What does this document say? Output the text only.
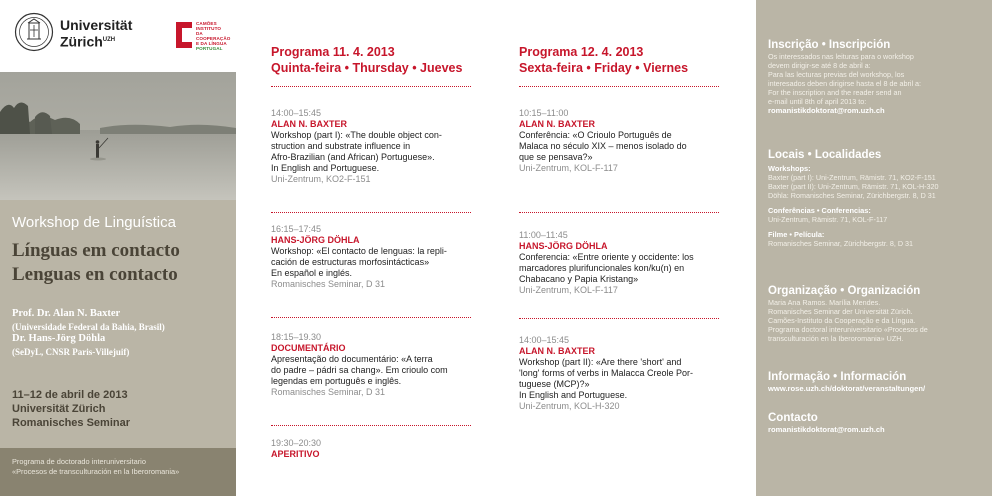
Universität
Zürich$^{UZH}$
CAMÕES
INSTITUTO
DA COOPERAÇÃO
E DA LÍNGUA
PORTUGAL
Workshop de Linguística
Línguas em contacto
Lenguas en contacto
Prof. Dr. Alan N. Baxter
(Universidade Federal da Bahia, Brasil)
Dr. Hans-Jörg Döhla
(SeDyL, CNSR Paris-Villejuif)
11–12 de abril de 2013
Universität Zürich
Romanisches Seminar
Programa de doctorado interuniversitario
«Procesos de transculturación en la Iberoromania»
Programa 11. 4. 2013
Quinta-feira • Thursday • Jueves
14:00–15:45
ALAN N. BAXTER
Workshop (part I): «The double object con-
struction and substrate influence in
Afro-Brazilian (and African) Portuguese».
In English and Portuguese.
Uni-Zentrum, KO2-F-151
16:15–17:45
HANS-JÖRG DÖHLA
Workshop: «El contacto de lenguas: la repli-
cación de estructuras morfosintácticas»
En español e inglés.
Romanisches Seminar, D 31
18:15–19.30
DOCUMENTÁRIO
Apresentação do documentário: «A terra
do padre – pádri sa chang». Em crioulo com
legendas em português e inglês.
Romanisches Seminar, D 31
19:30–20:30
APERITIVO
Programa 12. 4. 2013
Sexta-feira • Friday • Viernes
10:15–11:00
ALAN N. BAXTER
Conferência: «O Crioulo Português de
Malaca no século XIX – menos isolado do
que se pensava?»
Uni-Zentrum, KOL-F-117
11:00–11:45
HANS-JÖRG DÖHLA
Conferencia: «Entre oriente y occidente: los
marcadores plurifuncionales kon/ku(n) en
Chabacano y Papia Kristang»
Uni-Zentrum, KOL-F-117
14:00–15:45
ALAN N. BAXTER
Workshop (part II): «Are there 'short' and
'long' forms of verbs in Malacca Creole Por-
tuguese (MCP)?»
In English and Portuguese.
Uni-Zentrum, KOL-H-320
Inscrição • Inscripción
Os interessados nas leituras para o workshop
devem dirigir-se até 8 de abril a:
Para las lecturas previas del workshop, los
interesados deben dirigirse hasta el 8 de abril a:
For the inscription and the reader send an
e-mail until 8th of april 2013 to:
romanistikdoktorat@rom.uzh.ch
Locais • Localidades
Workshops:
Baxter (part I): Uni-Zentrum, Rämistr. 71, KO2-F-151
Baxter (part II): Uni-Zentrum, Rämistr. 71, KOL-H-320
Döhla: Romanisches Seminar, Zürichbergstr. 8, D 31
Conferências • Conferencias:
Uni-Zentrum, Rämistr. 71, KOL-F-117
Filme • Película:
Romanisches Seminar, Zürichbergstr. 8, D 31
Organização • Organización
Maria Ana Ramos. Marília Mendes.
Romanisches Seminar der Universität Zürich.
Camões-Instituto da Cooperação e da Língua.
Programa doctoral interuniversitario «Procesos de
transculturación en la Iberoromania» UZH.
Informação • Información
www.rose.uzh.ch/doktorat/veranstaltungen/
Contacto
romanistikdoktorat@rom.uzh.ch
